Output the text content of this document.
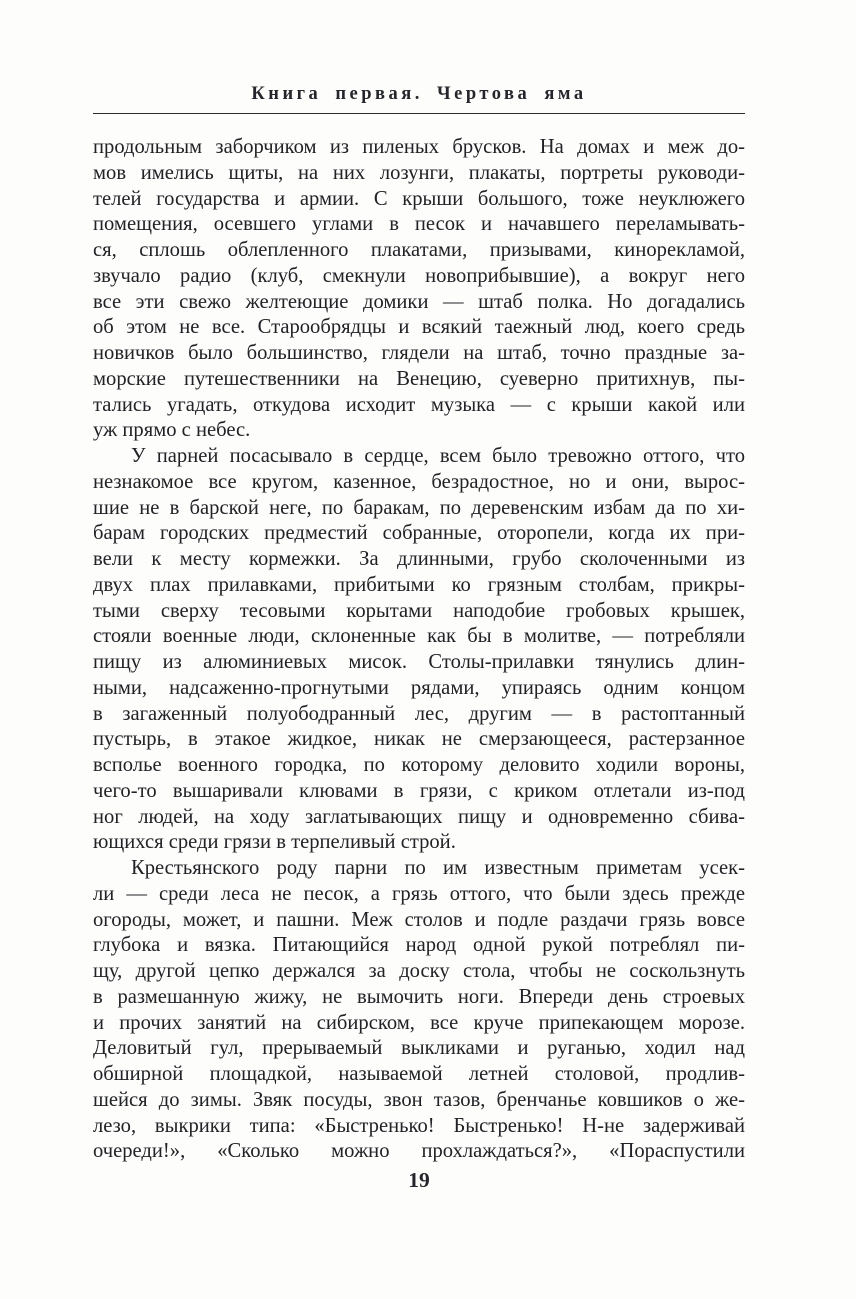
Книга первая. Чертова яма
продольным заборчиком из пиленых брусков. На домах и меж до-
мов имелись щиты, на них лозунги, плакаты, портреты руководи-
телей государства и армии. С крыши большого, тоже неуклюжего
помещения, осевшего углами в песок и начавшего переламывать-
ся, сплошь облепленного плакатами, призывами, кинорекламой,
звучало радио (клуб, смекнули новоприбывшие), а вокруг него
все эти свежо желтеющие домики — штаб полка. Но догадались
об этом не все. Старообрядцы и всякий таежный люд, коего средь
новичков было большинство, глядели на штаб, точно праздные за-
морские путешественники на Венецию, суеверно притихнув, пы-
тались угадать, откудова исходит музыка — с крыши какой или
уж прямо с небес.
У парней посасывало в сердце, всем было тревожно оттого, что
незнакомое все кругом, казенное, безрадостное, но и они, вырос-
шие не в барской неге, по баракам, по деревенским избам да по хи-
барам городских предместий собранные, оторопели, когда их при-
вели к месту кормежки. За длинными, грубо сколоченными из
двух плах прилавками, прибитыми ко грязным столбам, прикры-
тыми сверху тесовыми корытами наподобие гробовых крышек,
стояли военные люди, склоненные как бы в молитве, — потребляли
пищу из алюминиевых мисок. Столы-прилавки тянулись длин-
ными, надсаженно-прогнутыми рядами, упираясь одним концом
в загаженный полуободранный лес, другим — в растоптанный
пустырь, в этакое жидкое, никак не смерзающееся, растерзанное
всполье военного городка, по которому деловито ходили вороны,
чего-то вышаривали клювами в грязи, с криком отлетали из-под
ног людей, на ходу заглатывающих пищу и одновременно сбива-
ющихся среди грязи в терпеливый строй.
Крестьянского роду парни по им известным приметам усек-
ли — среди леса не песок, а грязь оттого, что были здесь прежде
огороды, может, и пашни. Меж столов и подле раздачи грязь вовсе
глубока и вязка. Питающийся народ одной рукой потреблял пи-
щу, другой цепко держался за доску стола, чтобы не соскользнуть
в размешанную жижу, не вымочить ноги. Впереди день строевых
и прочих занятий на сибирском, все круче припекающем морозе.
Деловитый гул, прерываемый выкликами и руганью, ходил над
обширной площадкой, называемой летней столовой, продлив-
шейся до зимы. Звяк посуды, звон тазов, бренчанье ковшиков о же-
лезо, выкрики типа: «Быстренько! Быстренько! Н-не задерживай
очереди!», «Сколько можно прохлаждаться?», «Пораспустили
19
